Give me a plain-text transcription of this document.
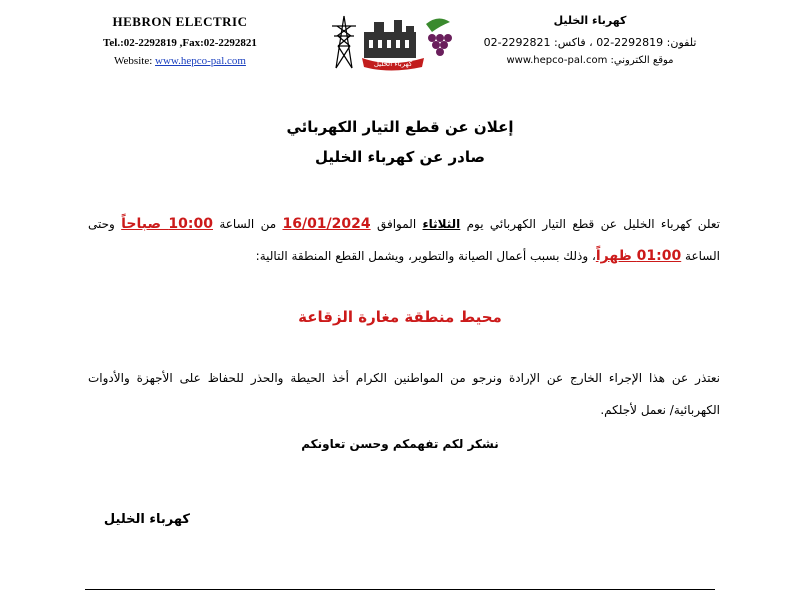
HEBRON ELECTRIC
Tel.:02-2292819 ,Fax:02-2292821
Website: www.hepco-pal.com	كهرباء الخليل
كهرباء الخليل
تلفون: 2292819-02 ، فاكس: 2292821-02
موقع الكتروني: www.hepco-pal.com
إعلان عن قطع التيار الكهربائي
صادر عن كهرباء الخليل
تعلن كهرباء الخليل عن قطع التيار الكهربائي يوم الثلاثاء الموافق 16/01/2024 من الساعة 10:00 صباحاً وحتى الساعة 01:00 ظهراً، وذلك بسبب أعمال الصيانة والتطوير، ويشمل القطع المنطقة التالية:
محيط منطقة مغارة الزقاعة
نعتذر عن هذا الإجراء الخارج عن الإرادة ونرجو من المواطنين الكرام أخذ الحيطة والحذر للحفاظ على الأجهزة والأدوات الكهربائية/ نعمل لأجلكم.
نشكر لكم تفهمكم وحسن تعاونكم
كهرباء الخليل
